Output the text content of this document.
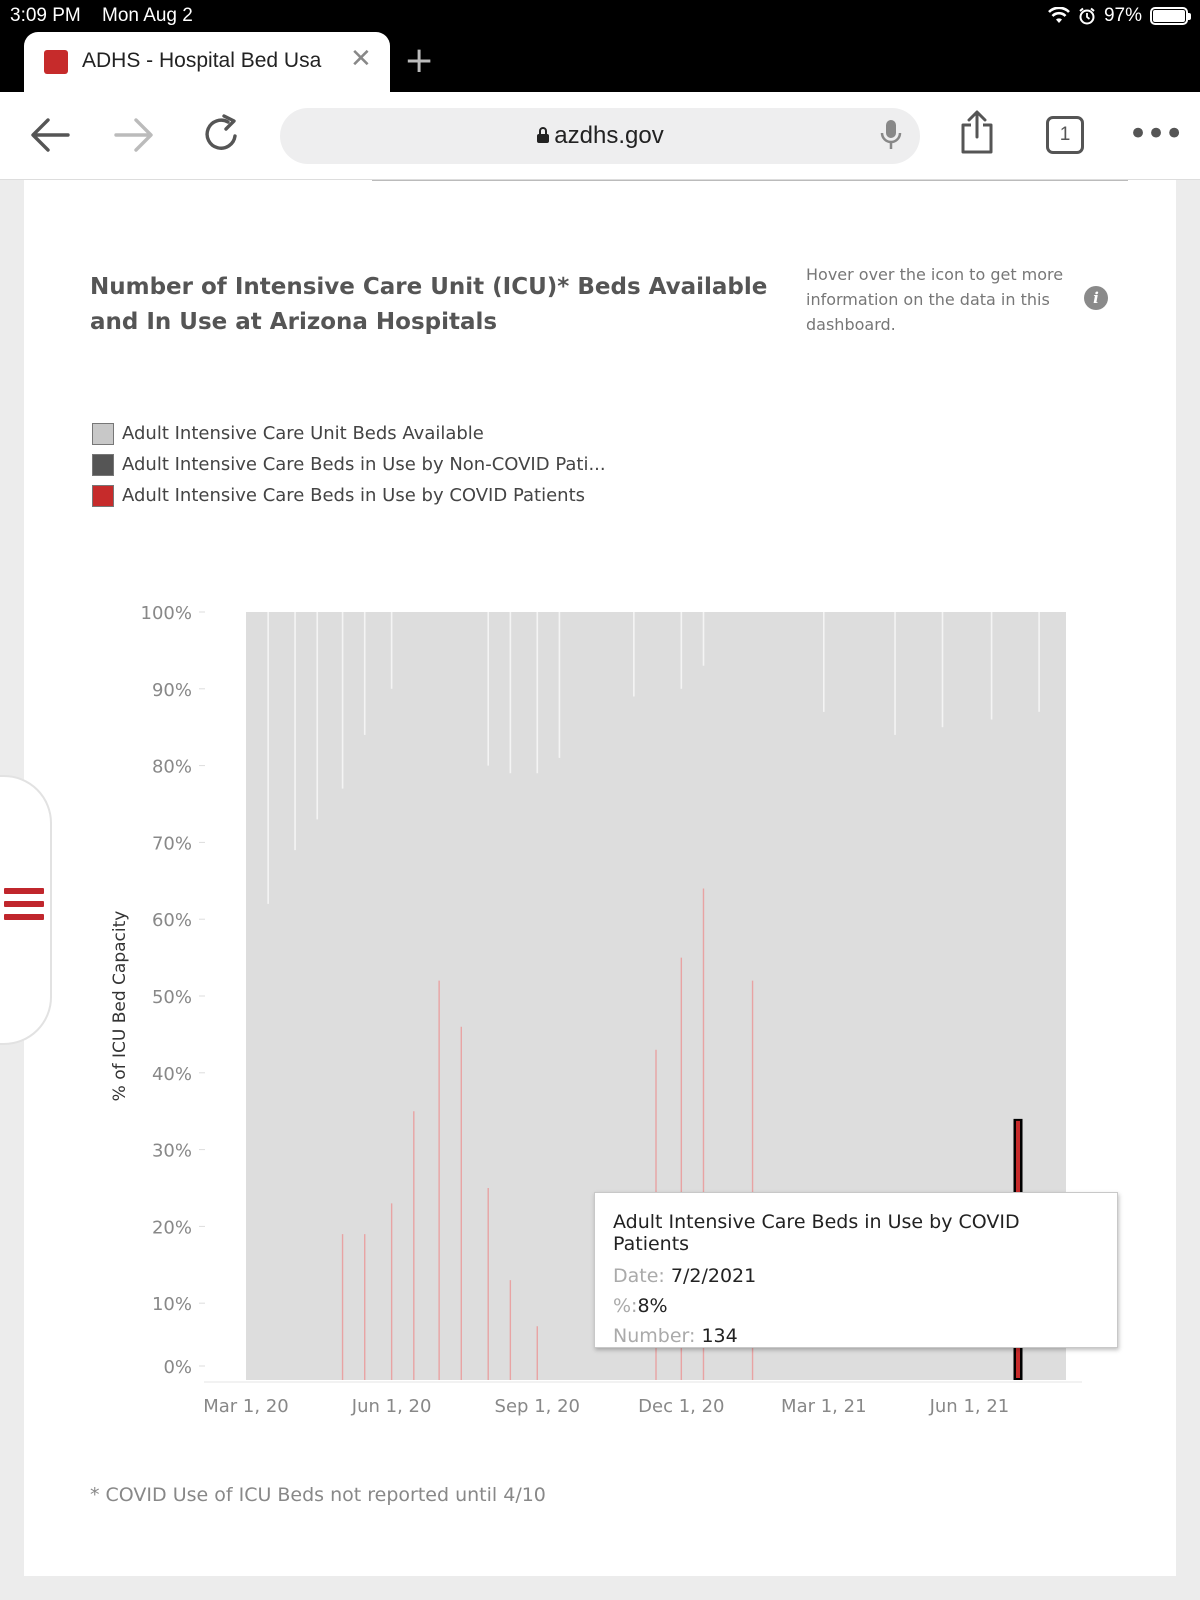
3:09 PM Mon Aug 2	97%
ADHS - Hospital Bed Usa	✕ +
azdhs.gov	1	•••
Number of Intensive Care Unit (ICU)* Beds Available and In Use at Arizona Hospitals
Hover over the icon to get more information on the data in this dashboard.
i
Adult Intensive Care Unit Beds Available
Adult Intensive Care Beds in Use by Non-COVID Pati...
Adult Intensive Care Beds in Use by COVID Patients
0%
10%
20%
30%
40%
50%
60%
70%
80%
90%
100%
Mar 1, 20	Jun 1, 20	Sep 1, 20	Dec 1, 20	Mar 1, 21	Jun 1, 21
% of ICU Bed Capacity
Adult Intensive Care Beds in Use by COVID Patients
Date: 7/2/2021
%:8%
Number: 134
* COVID Use of ICU Beds not reported until 4/10
